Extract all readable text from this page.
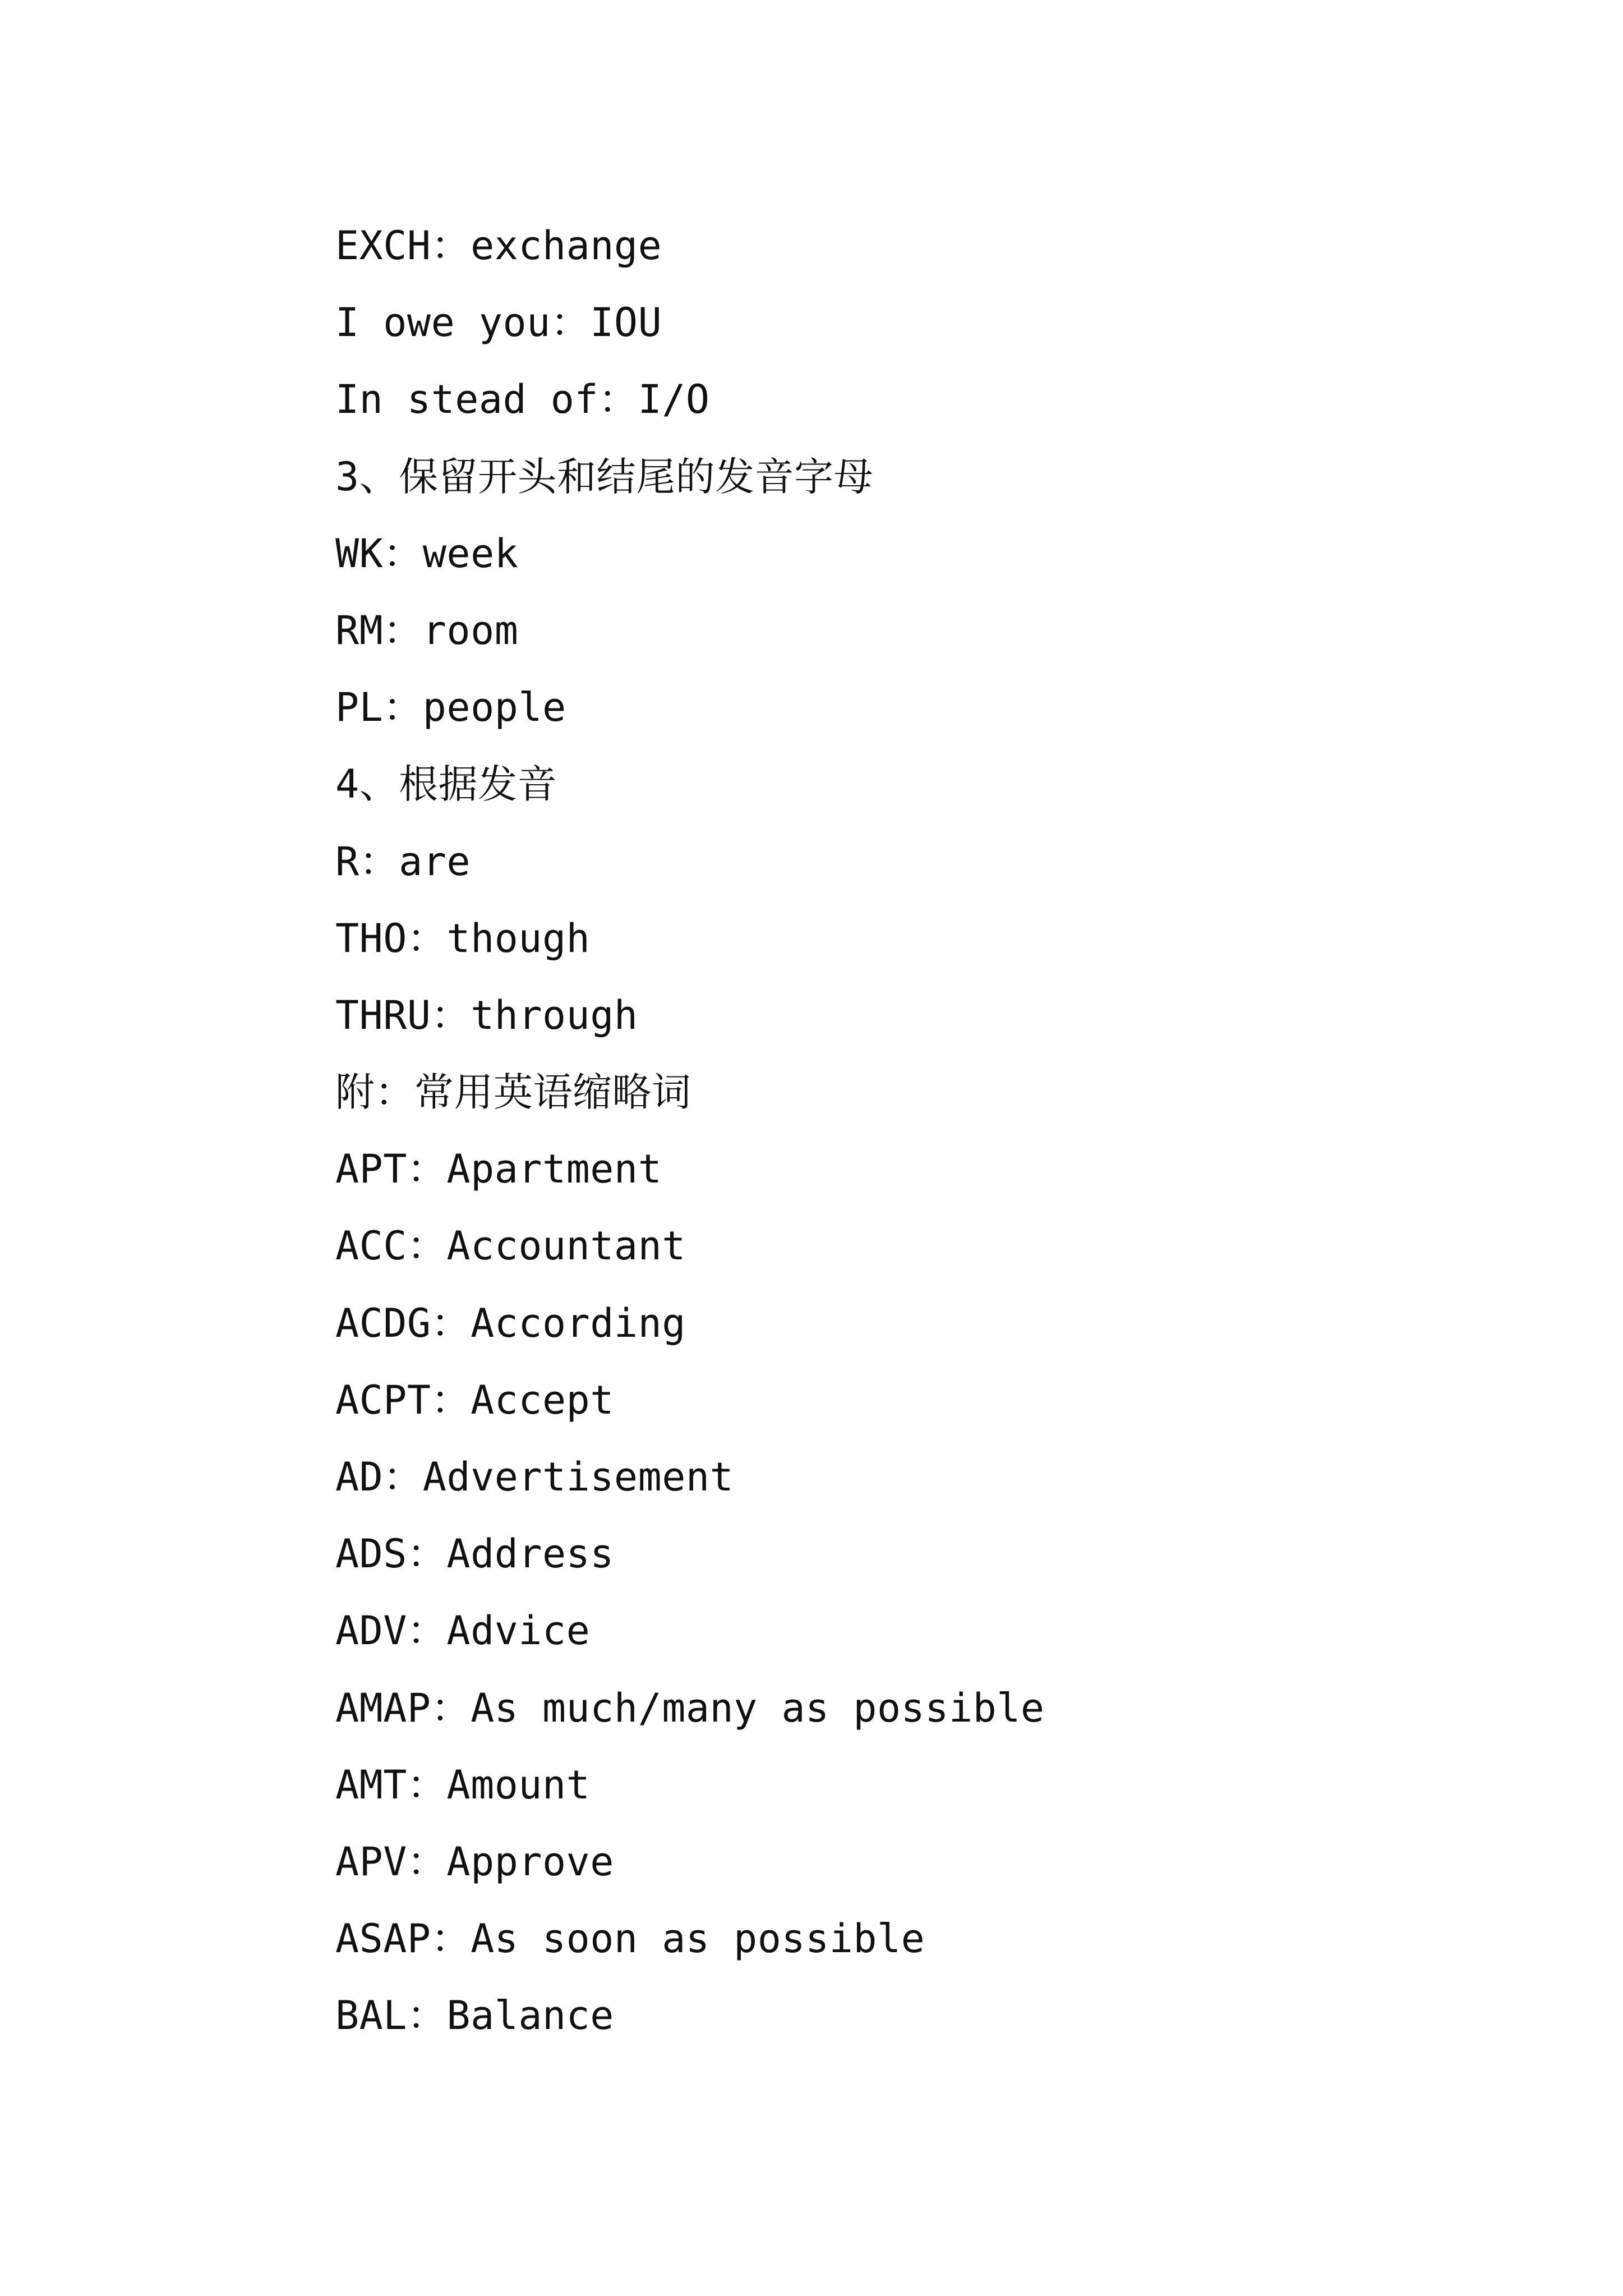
EXCH：exchange
I owe you：IOU
In stead of：I/O
3、保留开头和结尾的发音字母
WK：week
RM：room
PL：people
4、根据发音
R：are
THO：though
THRU：through
附：常用英语缩略词
APT：Apartment
ACC：Accountant
ACDG：According
ACPT：Accept
AD：Advertisement
ADS：Address
ADV：Advice
AMAP：As much/many as possible
AMT：Amount
APV：Approve
ASAP：As soon as possible
BAL：Balance
